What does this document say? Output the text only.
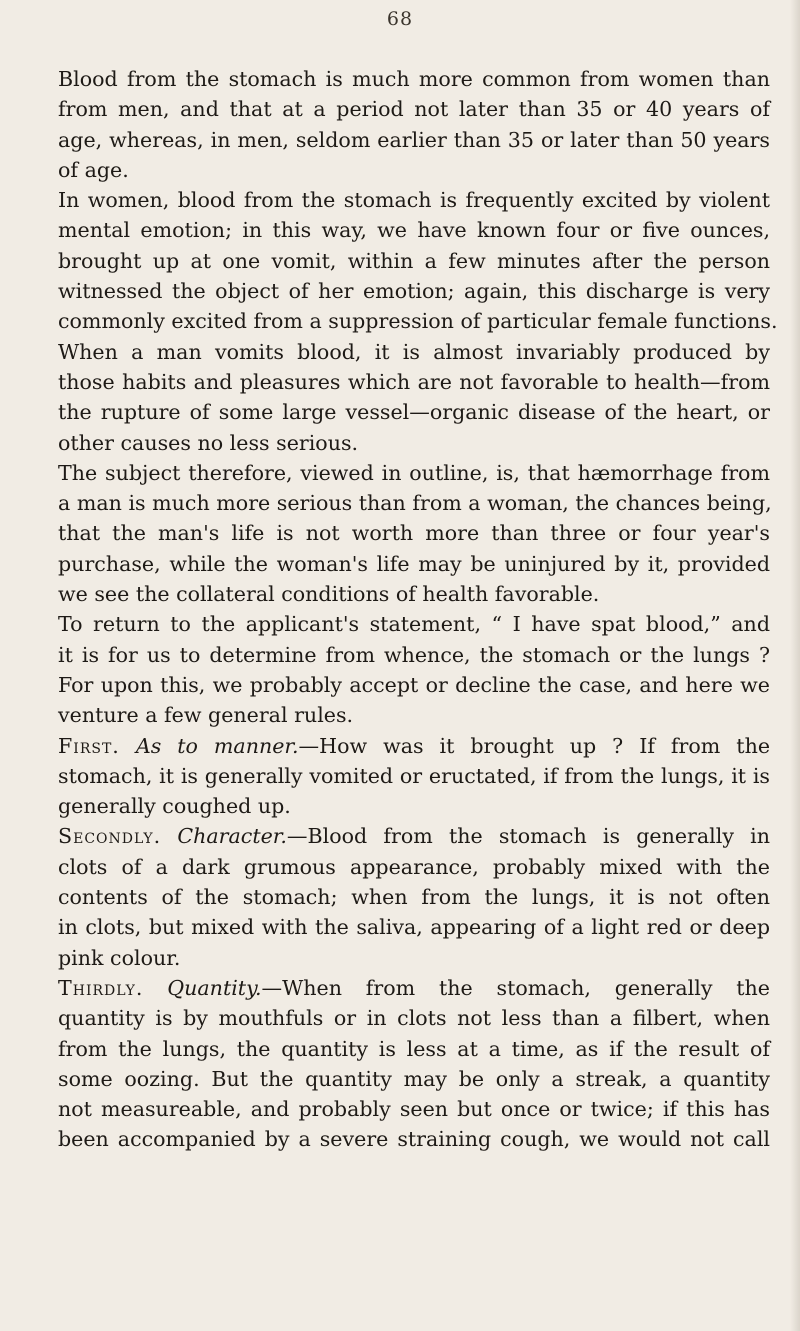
68

Blood from the stomach is much more common from women than
from men, and that at a period not later than 35 or 40 years of
age, whereas, in men, seldom earlier than 35 or later than 50 years
of age.

In women, blood from the stomach is frequently excited by violent
mental emotion; in this way, we have known four or five ounces,
brought up at one vomit, within a few minutes after the person
witnessed the object of her emotion; again, this discharge is very
commonly excited from a suppression of particular female functions.

When a man vomits blood, it is almost invariably produced by
those habits and pleasures which are not favorable to health—from
the rupture of some large vessel—organic disease of the heart, or
other causes no less serious.

The subject therefore, viewed in outline, is, that hæmorrhage from
a man is much more serious than from a woman, the chances being,
that the man's life is not worth more than three or four year's
purchase, while the woman's life may be uninjured by it, provided
we see the collateral conditions of health favorable.

To return to the applicant's statement, “ I have spat blood,” and
it is for us to determine from whence, the stomach or the lungs ?
For upon this, we probably accept or decline the case, and here we
venture a few general rules.

First. As to manner.—How was it brought up ? If from the
stomach, it is generally vomited or eructated, if from the lungs, it is
generally coughed up.

Secondly. Character.—Blood from the stomach is generally in
clots of a dark grumous appearance, probably mixed with the
contents of the stomach; when from the lungs, it is not often
in clots, but mixed with the saliva, appearing of a light red or deep
pink colour.

Thirdly. Quantity.—When from the stomach, generally the
quantity is by mouthfuls or in clots not less than a filbert, when
from the lungs, the quantity is less at a time, as if the result of
some oozing. But the quantity may be only a streak, a quantity
not measureable, and probably seen but once or twice; if this has
been accompanied by a severe straining cough, we would not call
